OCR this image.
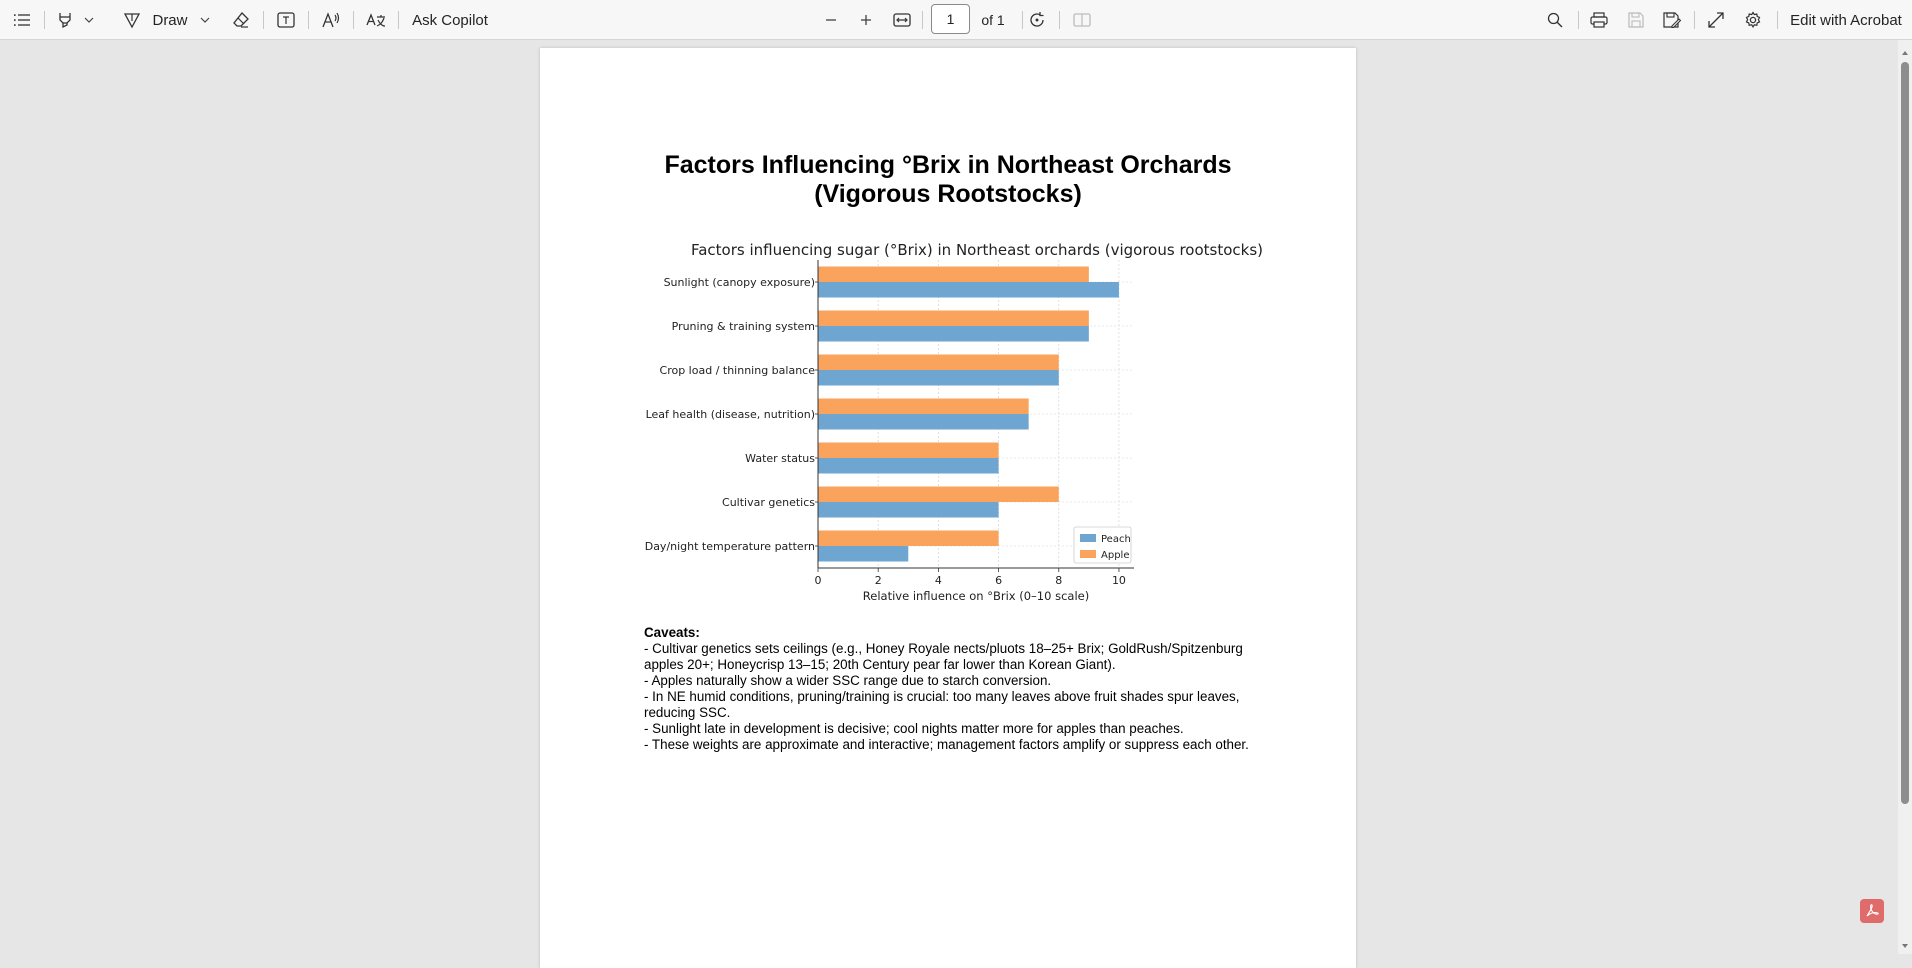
Draw	Ask Copilot
1	of 1	Edit with Acrobat
Factors Influencing °Brix in Northeast Orchards
(Vigorous Rootstocks)
Factors influencing sugar (°Brix) in Northeast orchards (vigorous rootstocks)
Sunlight (canopy exposure)
Pruning & training system
Crop load / thinning balance
Leaf health (disease, nutrition)
Water status
Cultivar genetics
Day/night temperature pattern
0	2	4	6	8	10
Relative influence on °Brix (0–10 scale)
Peach
Apple
Caveats:
- Cultivar genetics sets ceilings (e.g., Honey Royale nects/pluots 18–25+ Brix; GoldRush/Spitzenburg apples 20+; Honeycrisp 13–15; 20th Century pear far lower than Korean Giant).
- Apples naturally show a wider SSC range due to starch conversion.
- In NE humid conditions, pruning/training is crucial: too many leaves above fruit shades spur leaves, reducing SSC.
- Sunlight late in development is decisive; cool nights matter more for apples than peaches.
- These weights are approximate and interactive; management factors amplify or suppress each other.
